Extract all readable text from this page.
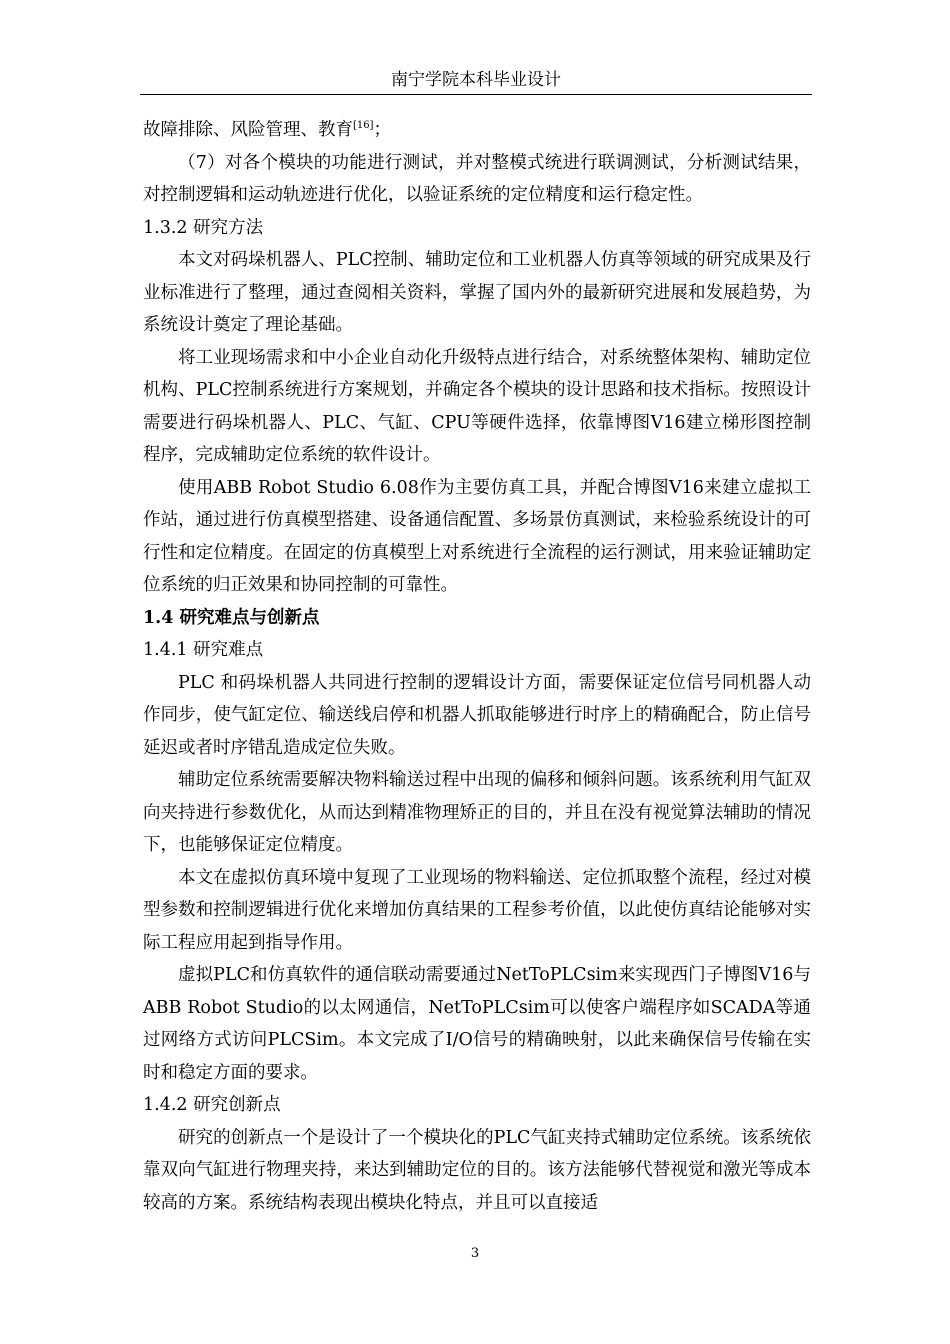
南宁学院本科毕业设计

故障排除、风险管理、教育[16]；

（7）对各个模块的功能进行测试，并对整模式统进行联调测试，分析测试结果，对控制逻辑和运动轨迹进行优化，以验证系统的定位精度和运行稳定性。

1.3.2 研究方法

本文对码垛机器人、PLC控制、辅助定位和工业机器人仿真等领域的研究成果及行业标准进行了整理，通过查阅相关资料，掌握了国内外的最新研究进展和发展趋势，为系统设计奠定了理论基础。

将工业现场需求和中小企业自动化升级特点进行结合，对系统整体架构、辅助定位机构、PLC控制系统进行方案规划，并确定各个模块的设计思路和技术指标。按照设计需要进行码垛机器人、PLC、气缸、CPU等硬件选择，依靠博图V16建立梯形图控制程序，完成辅助定位系统的软件设计。

使用ABB Robot Studio 6.08作为主要仿真工具，并配合博图V16来建立虚拟工作站，通过进行仿真模型搭建、设备通信配置、多场景仿真测试，来检验系统设计的可行性和定位精度。在固定的仿真模型上对系统进行全流程的运行测试，用来验证辅助定位系统的归正效果和协同控制的可靠性。

1.4 研究难点与创新点

1.4.1 研究难点

PLC 和码垛机器人共同进行控制的逻辑设计方面，需要保证定位信号同机器人动作同步，使气缸定位、输送线启停和机器人抓取能够进行时序上的精确配合，防止信号延迟或者时序错乱造成定位失败。

辅助定位系统需要解决物料输送过程中出现的偏移和倾斜问题。该系统利用气缸双向夹持进行参数优化，从而达到精准物理矫正的目的，并且在没有视觉算法辅助的情况下，也能够保证定位精度。

本文在虚拟仿真环境中复现了工业现场的物料输送、定位抓取整个流程，经过对模型参数和控制逻辑进行优化来增加仿真结果的工程参考价值，以此使仿真结论能够对实际工程应用起到指导作用。

虚拟PLC和仿真软件的通信联动需要通过NetToPLCsim来实现西门子博图V16与ABB Robot Studio的以太网通信，NetToPLCsim可以使客户端程序如SCADA等通过网络方式访问PLCSim。本文完成了I/O信号的精确映射，以此来确保信号传输在实时和稳定方面的要求。

1.4.2 研究创新点

研究的创新点一个是设计了一个模块化的PLC气缸夹持式辅助定位系统。该系统依靠双向气缸进行物理夹持，来达到辅助定位的目的。该方法能够代替视觉和激光等成本较高的方案。系统结构表现出模块化特点，并且可以直接适

3
